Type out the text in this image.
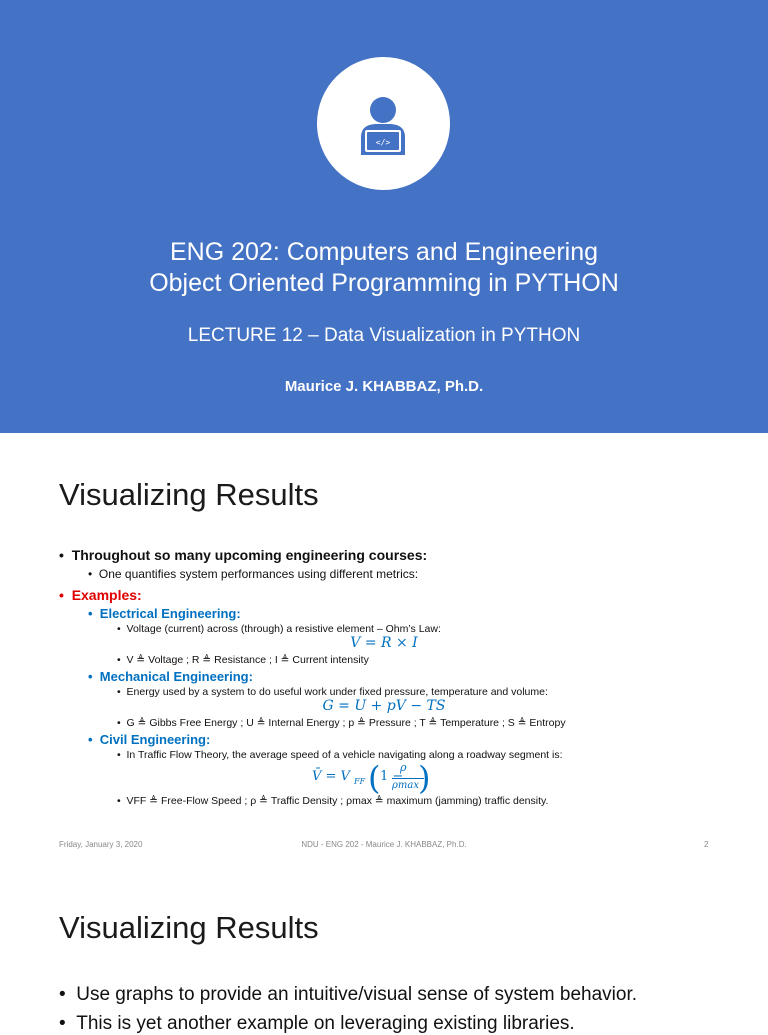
</>
ENG 202: Computers and Engineering
Object Oriented Programming in PYTHON
LECTURE 12 – Data Visualization in PYTHON
Maurice J. KHABBAZ, Ph.D.
Visualizing Results
•  Throughout so many upcoming engineering courses:
•  One quantifies system performances using different metrics:
•  Examples:
•  Electrical Engineering:
•  Voltage (current) across (through) a resistive element – Ohm’s Law:
V = R × I
•  V ≜ Voltage ; R ≜ Resistance ; I ≜ Current intensity
•  Mechanical Engineering:
•  Energy used by a system to do useful work under fixed pressure, temperature and volume:
G = U + pV − TS
•  G ≜ Gibbs Free Energy ; U ≜ Internal Energy ; p ≜ Pressure ; T ≜ Temperature ; S ≜ Entropy
•  Civil Engineering:
•  In Traffic Flow Theory, the average speed of a vehicle navigating along a roadway segment is:
V̄ = V FF ( 1 −
ρ
ρmax )
•  VFF ≜ Free-Flow Speed ; ρ ≜ Traffic Density ; ρmax ≜ maximum (jamming) traffic density.
Friday, January 3, 2020	NDU - ENG 202 - Maurice J. KHABBAZ, Ph.D.	2
Visualizing Results
•  Use graphs to provide an intuitive/visual sense of system behavior.
•  This is yet another example on leveraging existing libraries.
